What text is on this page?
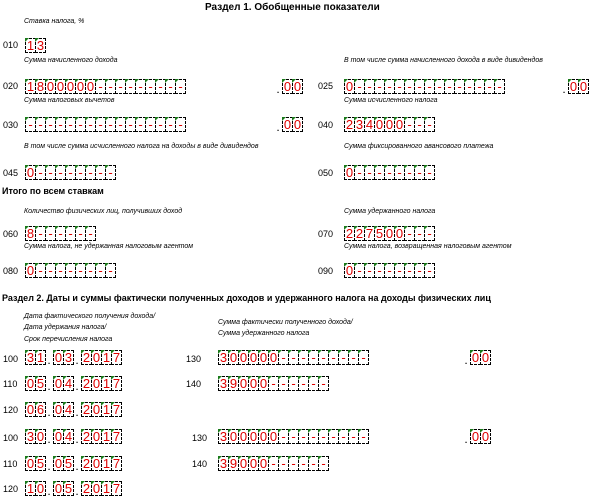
Раздел 1. Обобщенные показатели
Ставка налога, %
010 1 3
Сумма начисленного дохода
020 1 8 0 0 0 0 0 - - - - - - - - -	. 0 0
В том числе сумма начисленного дохода в виде дивидендов
025 0 - - - - - - - - - - - - - - -	. 0 0
Сумма налоговых вычетов
030 - - - - - - - - - - - - - - - -	. 0 0
Сумма исчисленного налога
040 2 3 4 0 0 0 - - -
В том числе сумма исчисленного налога на доходы в виде дивидендов
045 0 - - - - - - - -
Сумма фиксированного авансового платежа
050 0 - - - - - - - -
Итого по всем ставкам
Количество физических лиц, получивших доход
060 8 - - - - - -
Сумма удержанного налога
070 2 2 7 5 0 0 - - -
Сумма налога, не удержанная налоговым агентом
080 0 - - - - - - - -
Сумма налога, возвращенная налоговым агентом
090 0 - - - - - - - -
Раздел 2. Даты и суммы фактически полученных доходов и удержанного налога на доходы физических лиц
Дата фактического получения дохода/
Дата удержания налога/
Срок перечисления налога
Сумма фактически полученного дохода/
Сумма удержанного налога
100 3 1 . 0 3 . 2 0 1 7	130 3 0 0 0 0 0 - - - - - - - - -	. 0 0
110 0 5 . 0 4 . 2 0 1 7	140 3 9 0 0 0 - - - - - -
120 0 6 . 0 4 . 2 0 1 7
100 3 0 . 0 4 . 2 0 1 7	130 3 0 0 0 0 0 - - - - - - - - -	. 0 0
110 0 5 . 0 5 . 2 0 1 7	140 3 9 0 0 0 - - - - - -
120 1 0 . 0 5 . 2 0 1 7
